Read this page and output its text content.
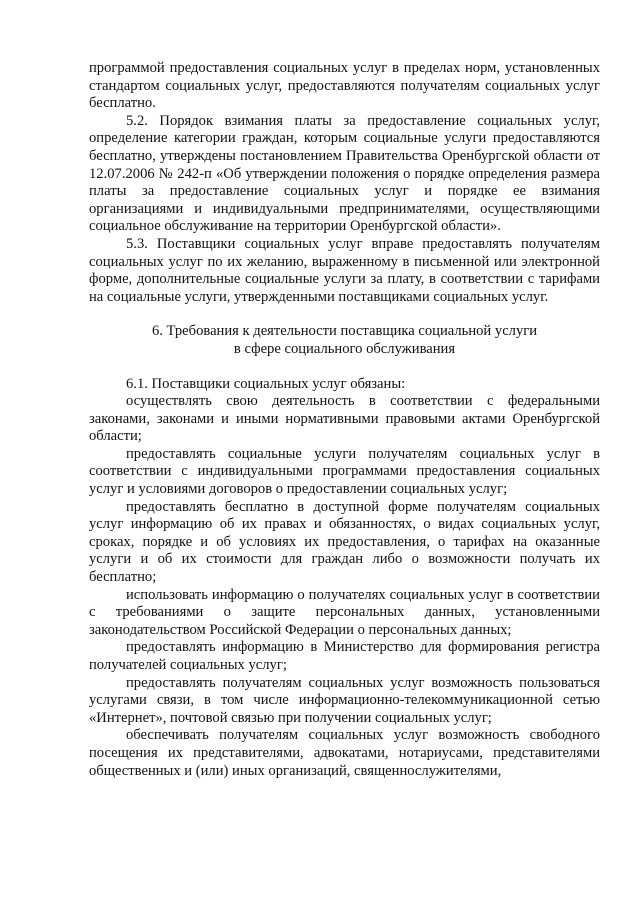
программой предоставления социальных услуг в пределах норм, установленных стандартом социальных услуг, предоставляются получателям социальных услуг бесплатно.

5.2. Порядок взимания платы за предоставление социальных услуг, определение категории граждан, которым социальные услуги предоставляются бесплатно, утверждены постановлением Правительства Оренбургской области от 12.07.2006 № 242-п «Об утверждении положения о порядке определения размера платы за предоставление социальных услуг и порядке ее взимания организациями и индивидуальными предпринимателями, осуществляющими социальное обслуживание на территории Оренбургской области».

5.3. Поставщики социальных услуг вправе предоставлять получателям социальных услуг по их желанию, выраженному в письменной или электронной форме, дополнительные социальные услуги за плату, в соответствии с тарифами на социальные услуги, утвержденными поставщиками социальных услуг.

6. Требования к деятельности поставщика социальной услуги
в сфере социального обслуживания

6.1. Поставщики социальных услуг обязаны:

осуществлять свою деятельность в соответствии с федеральными законами, законами и иными нормативными правовыми актами Оренбургской области;

предоставлять социальные услуги получателям социальных услуг в соответствии с индивидуальными программами предоставления социальных услуг и условиями договоров о предоставлении социальных услуг;

предоставлять бесплатно в доступной форме получателям социальных услуг информацию об их правах и обязанностях, о видах социальных услуг, сроках, порядке и об условиях их предоставления, о тарифах на оказанные услуги и об их стоимости для граждан либо о возможности получать их бесплатно;

использовать информацию о получателях социальных услуг в соответствии с требованиями о защите персональных данных, установленными законодательством Российской Федерации о персональных данных;

предоставлять информацию в Министерство для формирования регистра получателей социальных услуг;

предоставлять получателям социальных услуг возможность пользоваться услугами связи, в том числе информационно-телекоммуникационной сетью «Интернет», почтовой связью при получении социальных услуг;

обеспечивать получателям социальных услуг возможность свободного посещения их представителями, адвокатами, нотариусами, представителями общественных и (или) иных организаций, священнослужителями,
